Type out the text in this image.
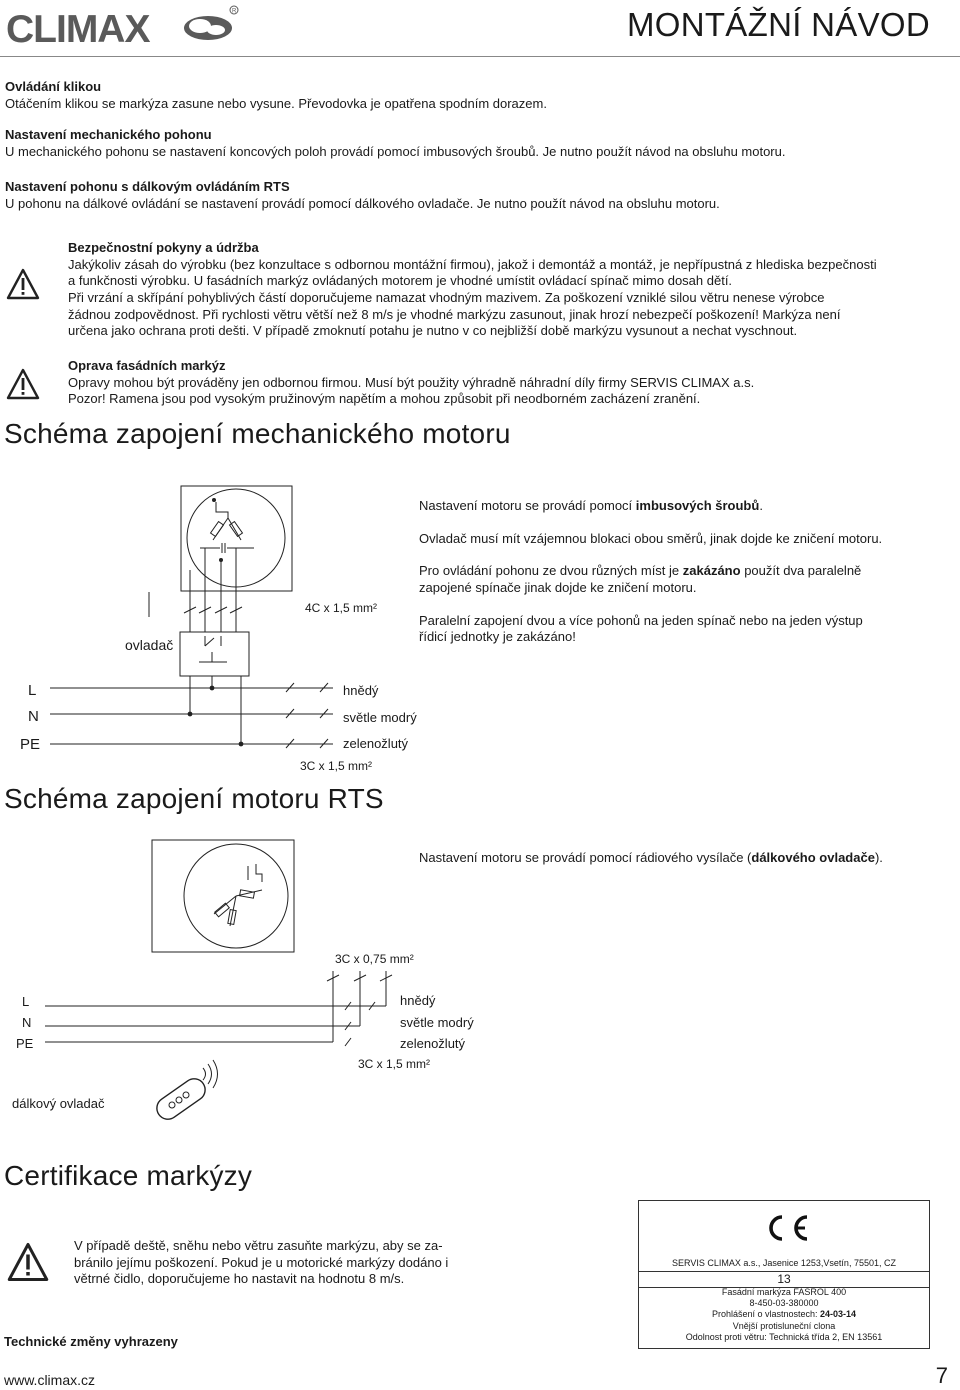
CLIMAX	R	MONTÁŽNÍ NÁVOD

Ovládání klikou

Otáčením klikou se markýza zasune nebo vysune. Převodovka je opatřena spodním dorazem.

Nastavení mechanického pohonu

U mechanického pohonu se nastavení koncových poloh provádí pomocí imbusových šroubů. Je nutno použít návod na obsluhu motoru.

Nastavení pohonu s dálkovým ovládáním RTS

U pohonu na dálkové ovládání se nastavení provádí pomocí dálkového ovladače. Je nutno použít návod na obsluhu motoru.

Bezpečnostní pokyny a údržba

Jakýkoliv zásah do výrobku (bez konzultace s odbornou montážní firmou), jakož i demontáž a montáž, je nepřípustná z hlediska bezpečnosti

a funkčnosti výrobku. U fasádních markýz ovládaných motorem je vhodné umístit ovládací spínač mimo dosah dětí.

Při vrzání a skřípání pohyblivých částí doporučujeme namazat vhodným mazivem. Za poškození vzniklé silou větru nenese výrobce

žádnou zodpovědnost. Při rychlosti větru větší než 8 m/s je vhodné markýzu zasunout, jinak hrozí nebezpečí poškození! Markýza není

určena jako ochrana proti dešti. V případě zmoknutí potahu je nutno v co nejbližší době markýzu vysunout a nechat vyschnout.

Oprava fasádních markýz

Opravy mohou být prováděny jen odbornou firmou. Musí být použity výhradně náhradní díly firmy SERVIS CLIMAX a.s.

Pozor! Ramena jsou pod vysokým pružinovým napětím a mohou způsobit při neodborném zacházení zranění.

Schéma zapojení mechanického motoru
4C x 1,5 mm²
ovladač
L
N
PE
hnědý
světle modrý
zelenožlutý
3C x 1,5 mm²

Nastavení motoru se provádí pomocí imbusových šroubů.

Ovladač musí mít vzájemnou blokaci obou směrů, jinak dojde ke zničení motoru.

Pro ovládání pohonu ze dvou různých míst je zakázáno použít dva paralelně

zapojené spínače jinak dojde ke zničení motoru.

Paralelní zapojení dvou a více pohonů na jeden spínač nebo na jeden výstup

řídicí jednotky je zakázáno!

Schéma zapojení motoru RTS

Nastavení motoru se provádí pomocí rádiového vysílače (dálkového ovladače).

3C x 0,75 mm²
L
N
PE
hnědý
světle modrý
zelenožlutý
3C x 1,5 mm²
dálkový ovladač
Certifikace markýzy

V případě deště, sněhu nebo větru zasuňte markýzu, aby se za-

bránilo jejímu poškození. Pokud je u motorické markýzy dodáno i

větrné čidlo, doporučujeme ho nastavit na hodnotu 8 m/s.

Technické změny vyhrazeny
SERVIS CLIMAX a.s., Jasenice 1253,Vsetín, 75501, CZ
13
Fasádní markýza FASROL 400
8-450-03-380000
Prohlášení o vlastnostech: 24-03-14
Vnější protisluneční clona
Odolnost proti větru: Technická třída 2, EN 13561
www.climax.cz	7
